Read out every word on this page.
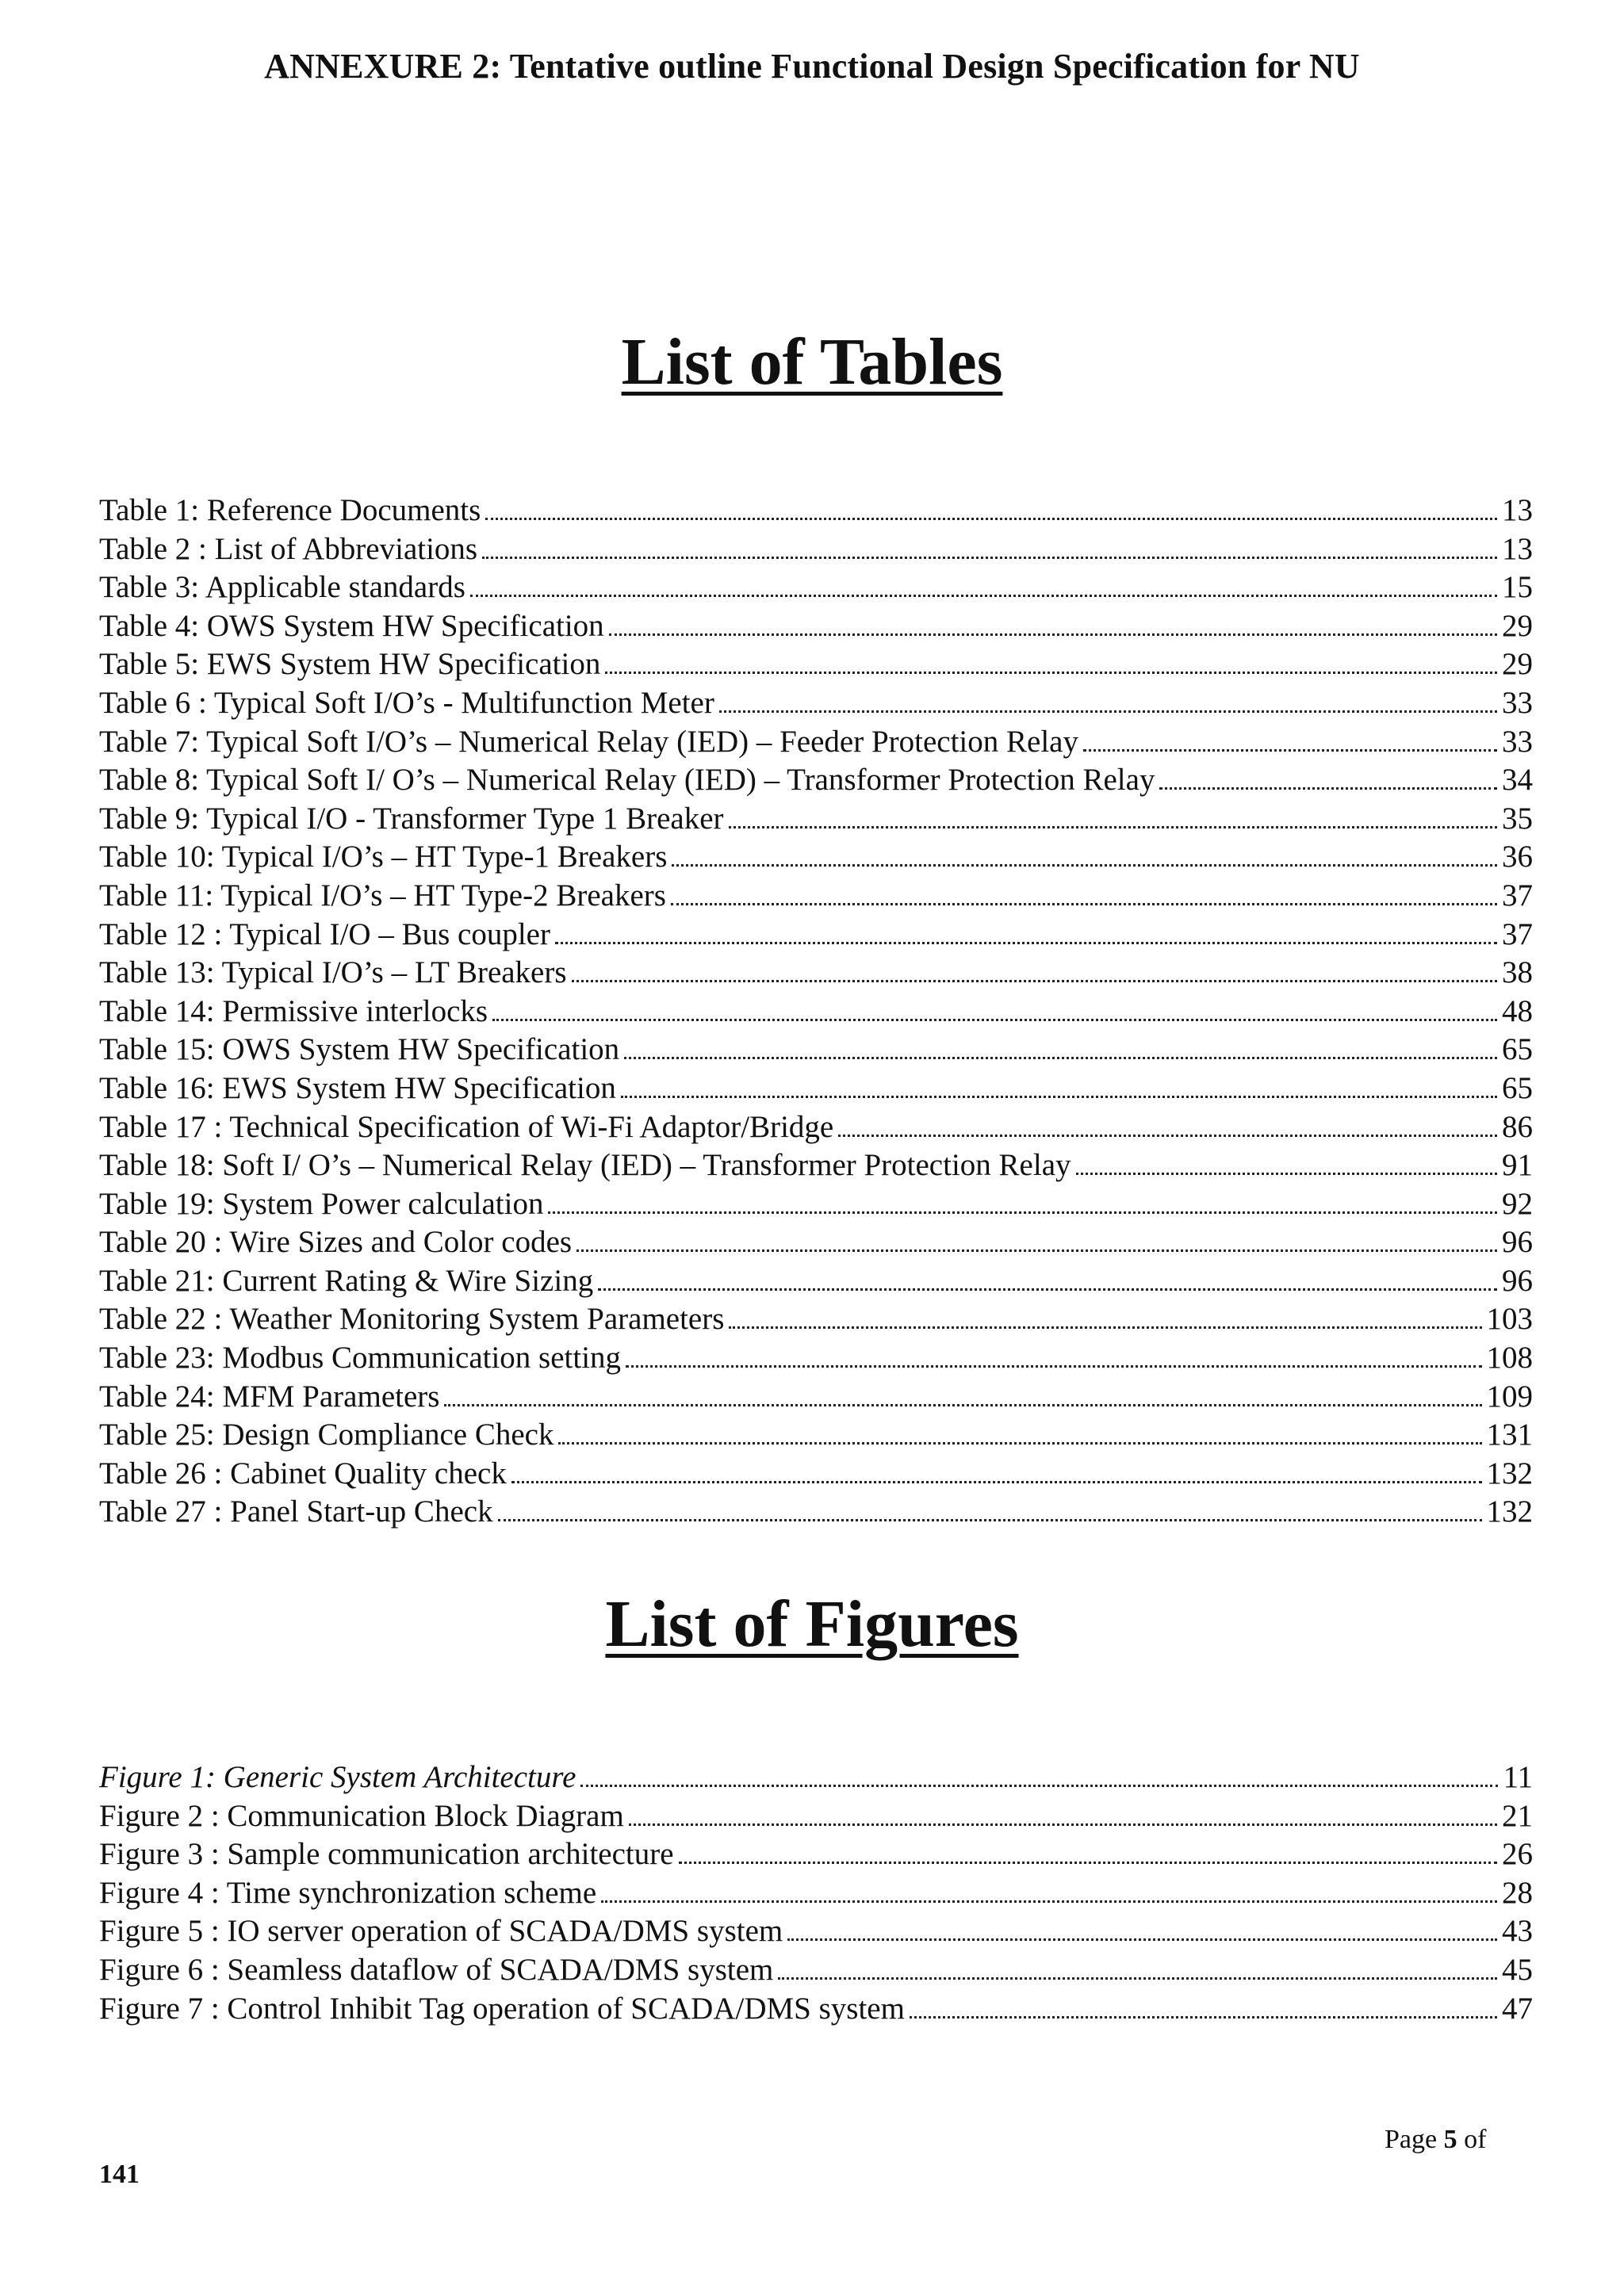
ANNEXURE 2: Tentative outline Functional Design Specification for NU
List of Tables
Table 1: Reference Documents	13
Table 2 : List of Abbreviations	13
Table 3: Applicable standards	15
Table 4: OWS System HW Specification	29
Table 5: EWS System HW Specification	29
Table 6 : Typical Soft I/O’s - Multifunction Meter	33
Table 7: Typical Soft I/O’s – Numerical Relay (IED) – Feeder Protection Relay	33
Table 8: Typical Soft I/ O’s – Numerical Relay (IED) – Transformer Protection Relay	34
Table 9: Typical I/O - Transformer Type 1 Breaker	35
Table 10: Typical I/O’s – HT Type-1 Breakers	36
Table 11: Typical I/O’s – HT Type-2 Breakers	37
Table 12 : Typical I/O – Bus coupler	37
Table 13: Typical I/O’s – LT Breakers	38
Table 14: Permissive interlocks	48
Table 15: OWS System HW Specification	65
Table 16: EWS System HW Specification	65
Table 17 : Technical Specification of Wi-Fi Adaptor/Bridge	86
Table 18: Soft I/ O’s – Numerical Relay (IED) – Transformer Protection Relay	91
Table 19: System Power calculation	92
Table 20 : Wire Sizes and Color codes	96
Table 21: Current Rating & Wire Sizing	96
Table 22 : Weather Monitoring System Parameters	103
Table 23: Modbus Communication setting	108
Table 24: MFM Parameters	109
Table 25: Design Compliance Check	131
Table 26 : Cabinet Quality check	132
Table 27 : Panel Start-up Check	132
List of Figures
Figure 1: Generic System Architecture	11
Figure 2 : Communication Block Diagram	21
Figure 3 : Sample communication architecture	26
Figure 4 : Time synchronization scheme	28
Figure 5 : IO server operation of SCADA/DMS system	43
Figure 6 : Seamless dataflow of SCADA/DMS system	45
Figure 7 : Control Inhibit Tag operation of SCADA/DMS system	47
Page 5 of
141
